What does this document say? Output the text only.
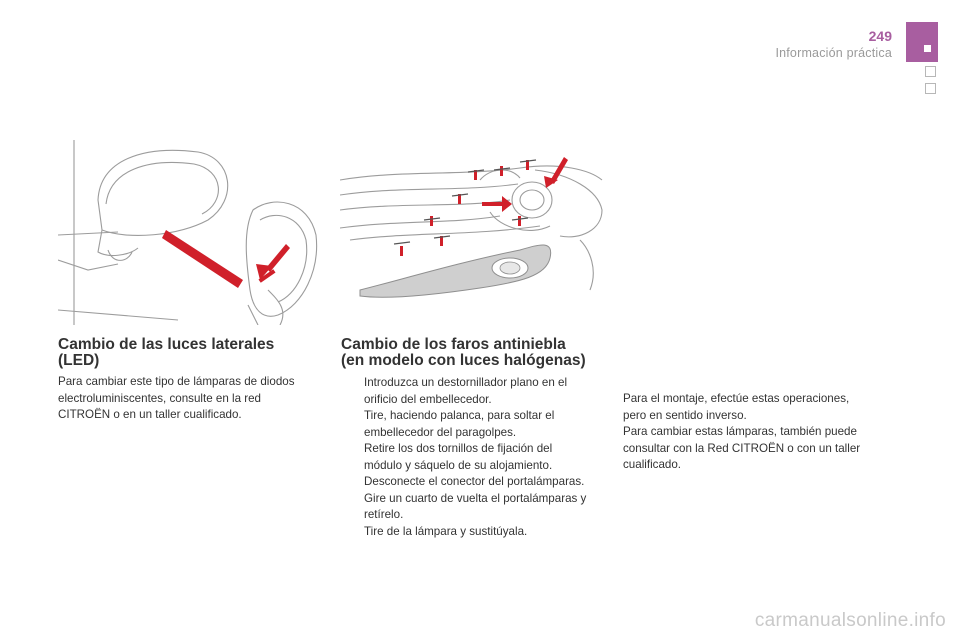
249
Información práctica
Cambio de las luces laterales
(LED)

Para cambiar este tipo de lámparas de diodos

electroluminiscentes, consulte en la red

CITROËN o en un taller cualificado.

Cambio de los faros antiniebla
(en modelo con luces halógenas)
Introduzca un destornillador plano en el
orificio del embellecedor.
Tire, haciendo palanca, para soltar el
embellecedor del paragolpes.
Retire los dos tornillos de fijación del
módulo y sáquelo de su alojamiento.
Desconecte el conector del portalámparas.
Gire un cuarto de vuelta el portalámparas y
retírelo.
Tire de la lámpara y sustitúyala.

Para el montaje, efectúe estas operaciones,

pero en sentido inverso.

Para cambiar estas lámparas, también puede

consultar con la Red CITROËN o con un taller

cualificado.

carmanualsonline.info
